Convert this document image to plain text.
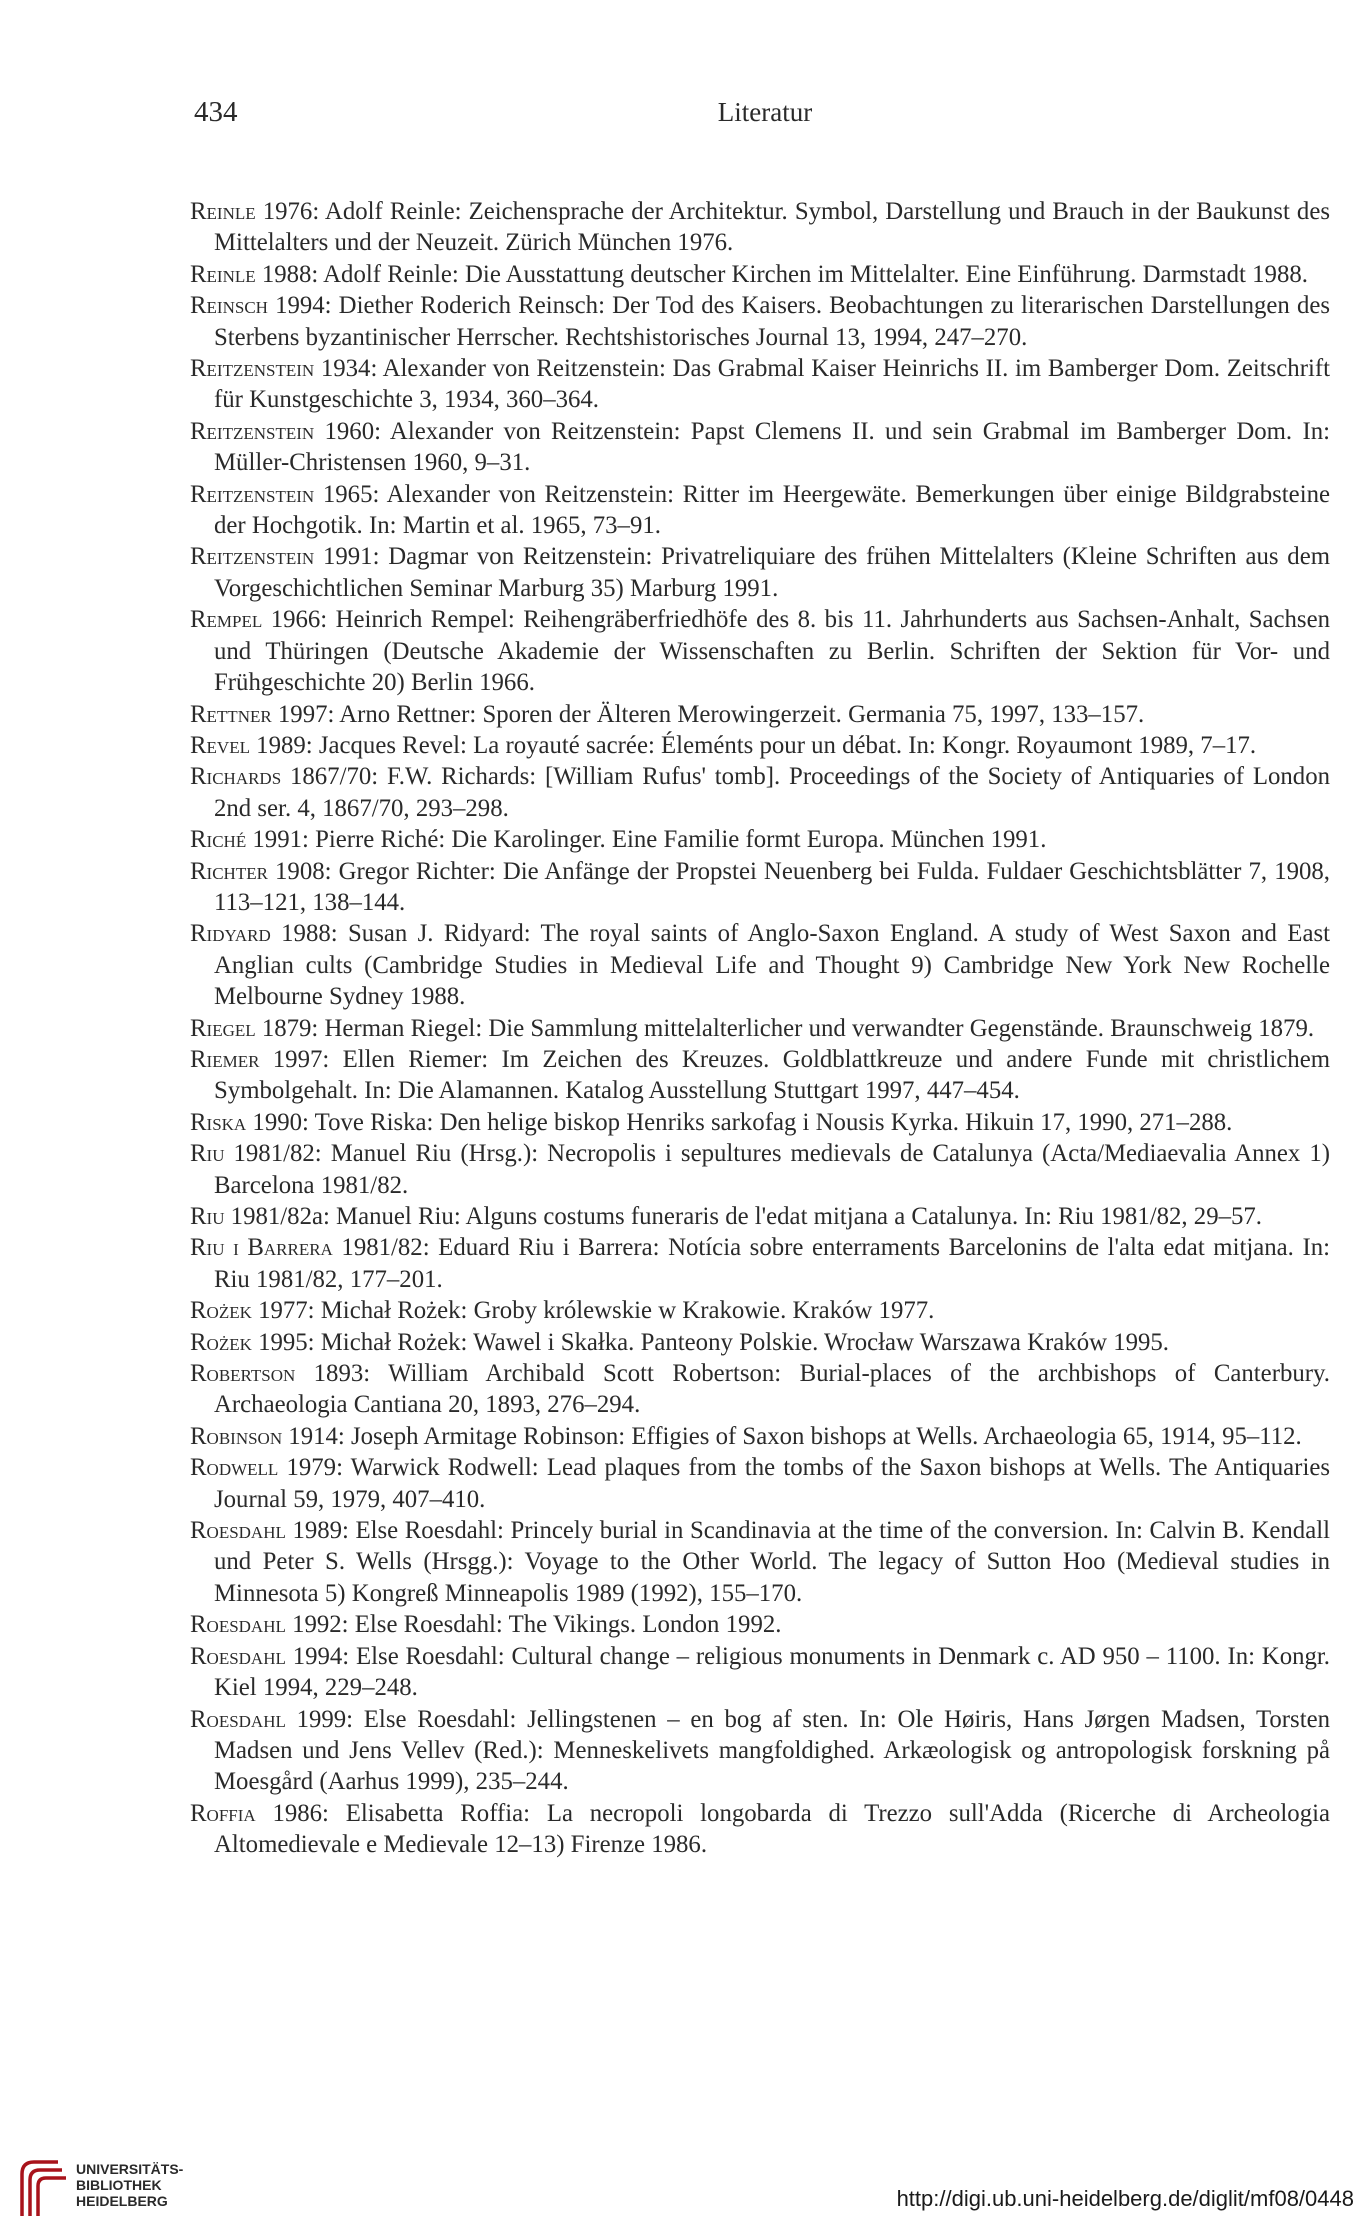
434	Literatur

Reinle 1976: Adolf Reinle: Zeichensprache der Architektur. Symbol, Darstellung und Brauch in der Baukunst des Mittelalters und der Neuzeit. Zürich München 1976.

Reinle 1988: Adolf Reinle: Die Ausstattung deutscher Kirchen im Mittelalter. Eine Einführung. Darmstadt 1988.

Reinsch 1994: Diether Roderich Reinsch: Der Tod des Kaisers. Beobachtungen zu literarischen Darstellungen des Sterbens byzantinischer Herrscher. Rechtshistorisches Journal 13, 1994, 247–270.

Reitzenstein 1934: Alexander von Reitzenstein: Das Grabmal Kaiser Heinrichs II. im Bamberger Dom. Zeitschrift für Kunstgeschichte 3, 1934, 360–364.

Reitzenstein 1960: Alexander von Reitzenstein: Papst Clemens II. und sein Grabmal im Bamberger Dom. In: Müller-Christensen 1960, 9–31.

Reitzenstein 1965: Alexander von Reitzenstein: Ritter im Heergewäte. Bemerkungen über einige Bildgrabsteine der Hochgotik. In: Martin et al. 1965, 73–91.

Reitzenstein 1991: Dagmar von Reitzenstein: Privatreliquiare des frühen Mittelalters (Kleine Schriften aus dem Vorgeschichtlichen Seminar Marburg 35) Marburg 1991.

Rempel 1966: Heinrich Rempel: Reihengräberfriedhöfe des 8. bis 11. Jahrhunderts aus Sachsen-Anhalt, Sachsen und Thüringen (Deutsche Akademie der Wissenschaften zu Berlin. Schriften der Sektion für Vor- und Frühgeschichte 20) Berlin 1966.

Rettner 1997: Arno Rettner: Sporen der Älteren Merowingerzeit. Germania 75, 1997, 133–157.

Revel 1989: Jacques Revel: La royauté sacrée: Éleménts pour un débat. In: Kongr. Royaumont 1989, 7–17.

Richards 1867/70: F.W. Richards: [William Rufus' tomb]. Proceedings of the Society of Antiquaries of London 2nd ser. 4, 1867/70, 293–298.

Riché 1991: Pierre Riché: Die Karolinger. Eine Familie formt Europa. München 1991.

Richter 1908: Gregor Richter: Die Anfänge der Propstei Neuenberg bei Fulda. Fuldaer Geschichtsblätter 7, 1908, 113–121, 138–144.

Ridyard 1988: Susan J. Ridyard: The royal saints of Anglo-Saxon England. A study of West Saxon and East Anglian cults (Cambridge Studies in Medieval Life and Thought 9) Cambridge New York New Rochelle Melbourne Sydney 1988.

Riegel 1879: Herman Riegel: Die Sammlung mittelalterlicher und verwandter Gegenstände. Braunschweig 1879.

Riemer 1997: Ellen Riemer: Im Zeichen des Kreuzes. Goldblattkreuze und andere Funde mit christlichem Symbolgehalt. In: Die Alamannen. Katalog Ausstellung Stuttgart 1997, 447–454.

Riska 1990: Tove Riska: Den helige biskop Henriks sarkofag i Nousis Kyrka. Hikuin 17, 1990, 271–288.

Riu 1981/82: Manuel Riu (Hrsg.): Necropolis i sepultures medievals de Catalunya (Acta/Mediaevalia Annex 1) Barcelona 1981/82.

Riu 1981/82a: Manuel Riu: Alguns costums funeraris de l'edat mitjana a Catalunya. In: Riu 1981/82, 29–57.

Riu i Barrera 1981/82: Eduard Riu i Barrera: Notícia sobre enterraments Barcelonins de l'alta edat mitjana. In: Riu 1981/82, 177–201.

Rożek 1977: Michał Rożek: Groby królewskie w Krakowie. Kraków 1977.

Rożek 1995: Michał Rożek: Wawel i Skałka. Panteony Polskie. Wrocław Warszawa Kraków 1995.

Robertson 1893: William Archibald Scott Robertson: Burial-places of the archbishops of Canterbury. Archaeologia Cantiana 20, 1893, 276–294.

Robinson 1914: Joseph Armitage Robinson: Effigies of Saxon bishops at Wells. Archaeologia 65, 1914, 95–112.

Rodwell 1979: Warwick Rodwell: Lead plaques from the tombs of the Saxon bishops at Wells. The Antiquaries Journal 59, 1979, 407–410.

Roesdahl 1989: Else Roesdahl: Princely burial in Scandinavia at the time of the conversion. In: Calvin B. Kendall und Peter S. Wells (Hrsgg.): Voyage to the Other World. The legacy of Sutton Hoo (Medieval studies in Minnesota 5) Kongreß Minneapolis 1989 (1992), 155–170.

Roesdahl 1992: Else Roesdahl: The Vikings. London 1992.

Roesdahl 1994: Else Roesdahl: Cultural change – religious monuments in Denmark c. AD 950 – 1100. In: Kongr. Kiel 1994, 229–248.

Roesdahl 1999: Else Roesdahl: Jellingstenen – en bog af sten. In: Ole Høiris, Hans Jørgen Madsen, Torsten Madsen und Jens Vellev (Red.): Menneskelivets mangfoldighed. Arkæologisk og antropologisk forskning på Moesgård (Aarhus 1999), 235–244.

Roffia 1986: Elisabetta Roffia: La necropoli longobarda di Trezzo sull'Adda (Ricerche di Archeologia Altomedievale e Medievale 12–13) Firenze 1986.

UNIVERSITÄTS-
BIBLIOTHEK
HEIDELBERG	http://digi.ub.uni-heidelberg.de/diglit/mf08/0448
